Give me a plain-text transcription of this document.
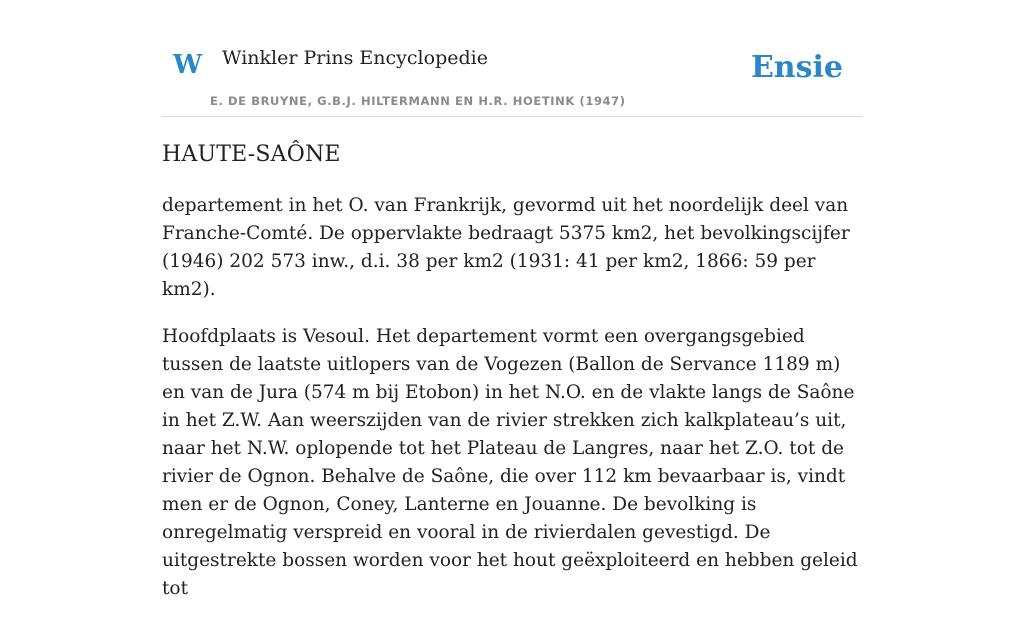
W Winkler Prins Encyclopedie
E. DE BRUYNE, G.B.J. HILTERMANN EN H.R. HOETINK (1947)
Ensie
HAUTE-SAÔNE

departement in het O. van Frankrijk, gevormd uit het noordelijk deel van Franche-Comté. De oppervlakte bedraagt 5375 km2, het bevolkingscijfer (1946) 202 573 inw., d.i. 38 per km2 (1931: 41 per km2, 1866: 59 per km2).

Hoofdplaats is Vesoul. Het departement vormt een overgangsgebied tussen de laatste uitlopers van de Vogezen (Ballon de Servance 1189 m) en van de Jura (574 m bij Etobon) in het N.O. en de vlakte langs de Saône in het Z.W. Aan weerszijden van de rivier strekken zich kalkplateau’s uit, naar het N.W. oplopende tot het Plateau de Langres, naar het Z.O. tot de rivier de Ognon. Behalve de Saône, die over 112 km bevaarbaar is, vindt men er de Ognon, Coney, Lanterne en Jouanne. De bevolking is onregelmatig verspreid en vooral in de rivierdalen gevestigd. De uitgestrekte bossen worden voor het hout geëxploiteerd en hebben geleid tot
